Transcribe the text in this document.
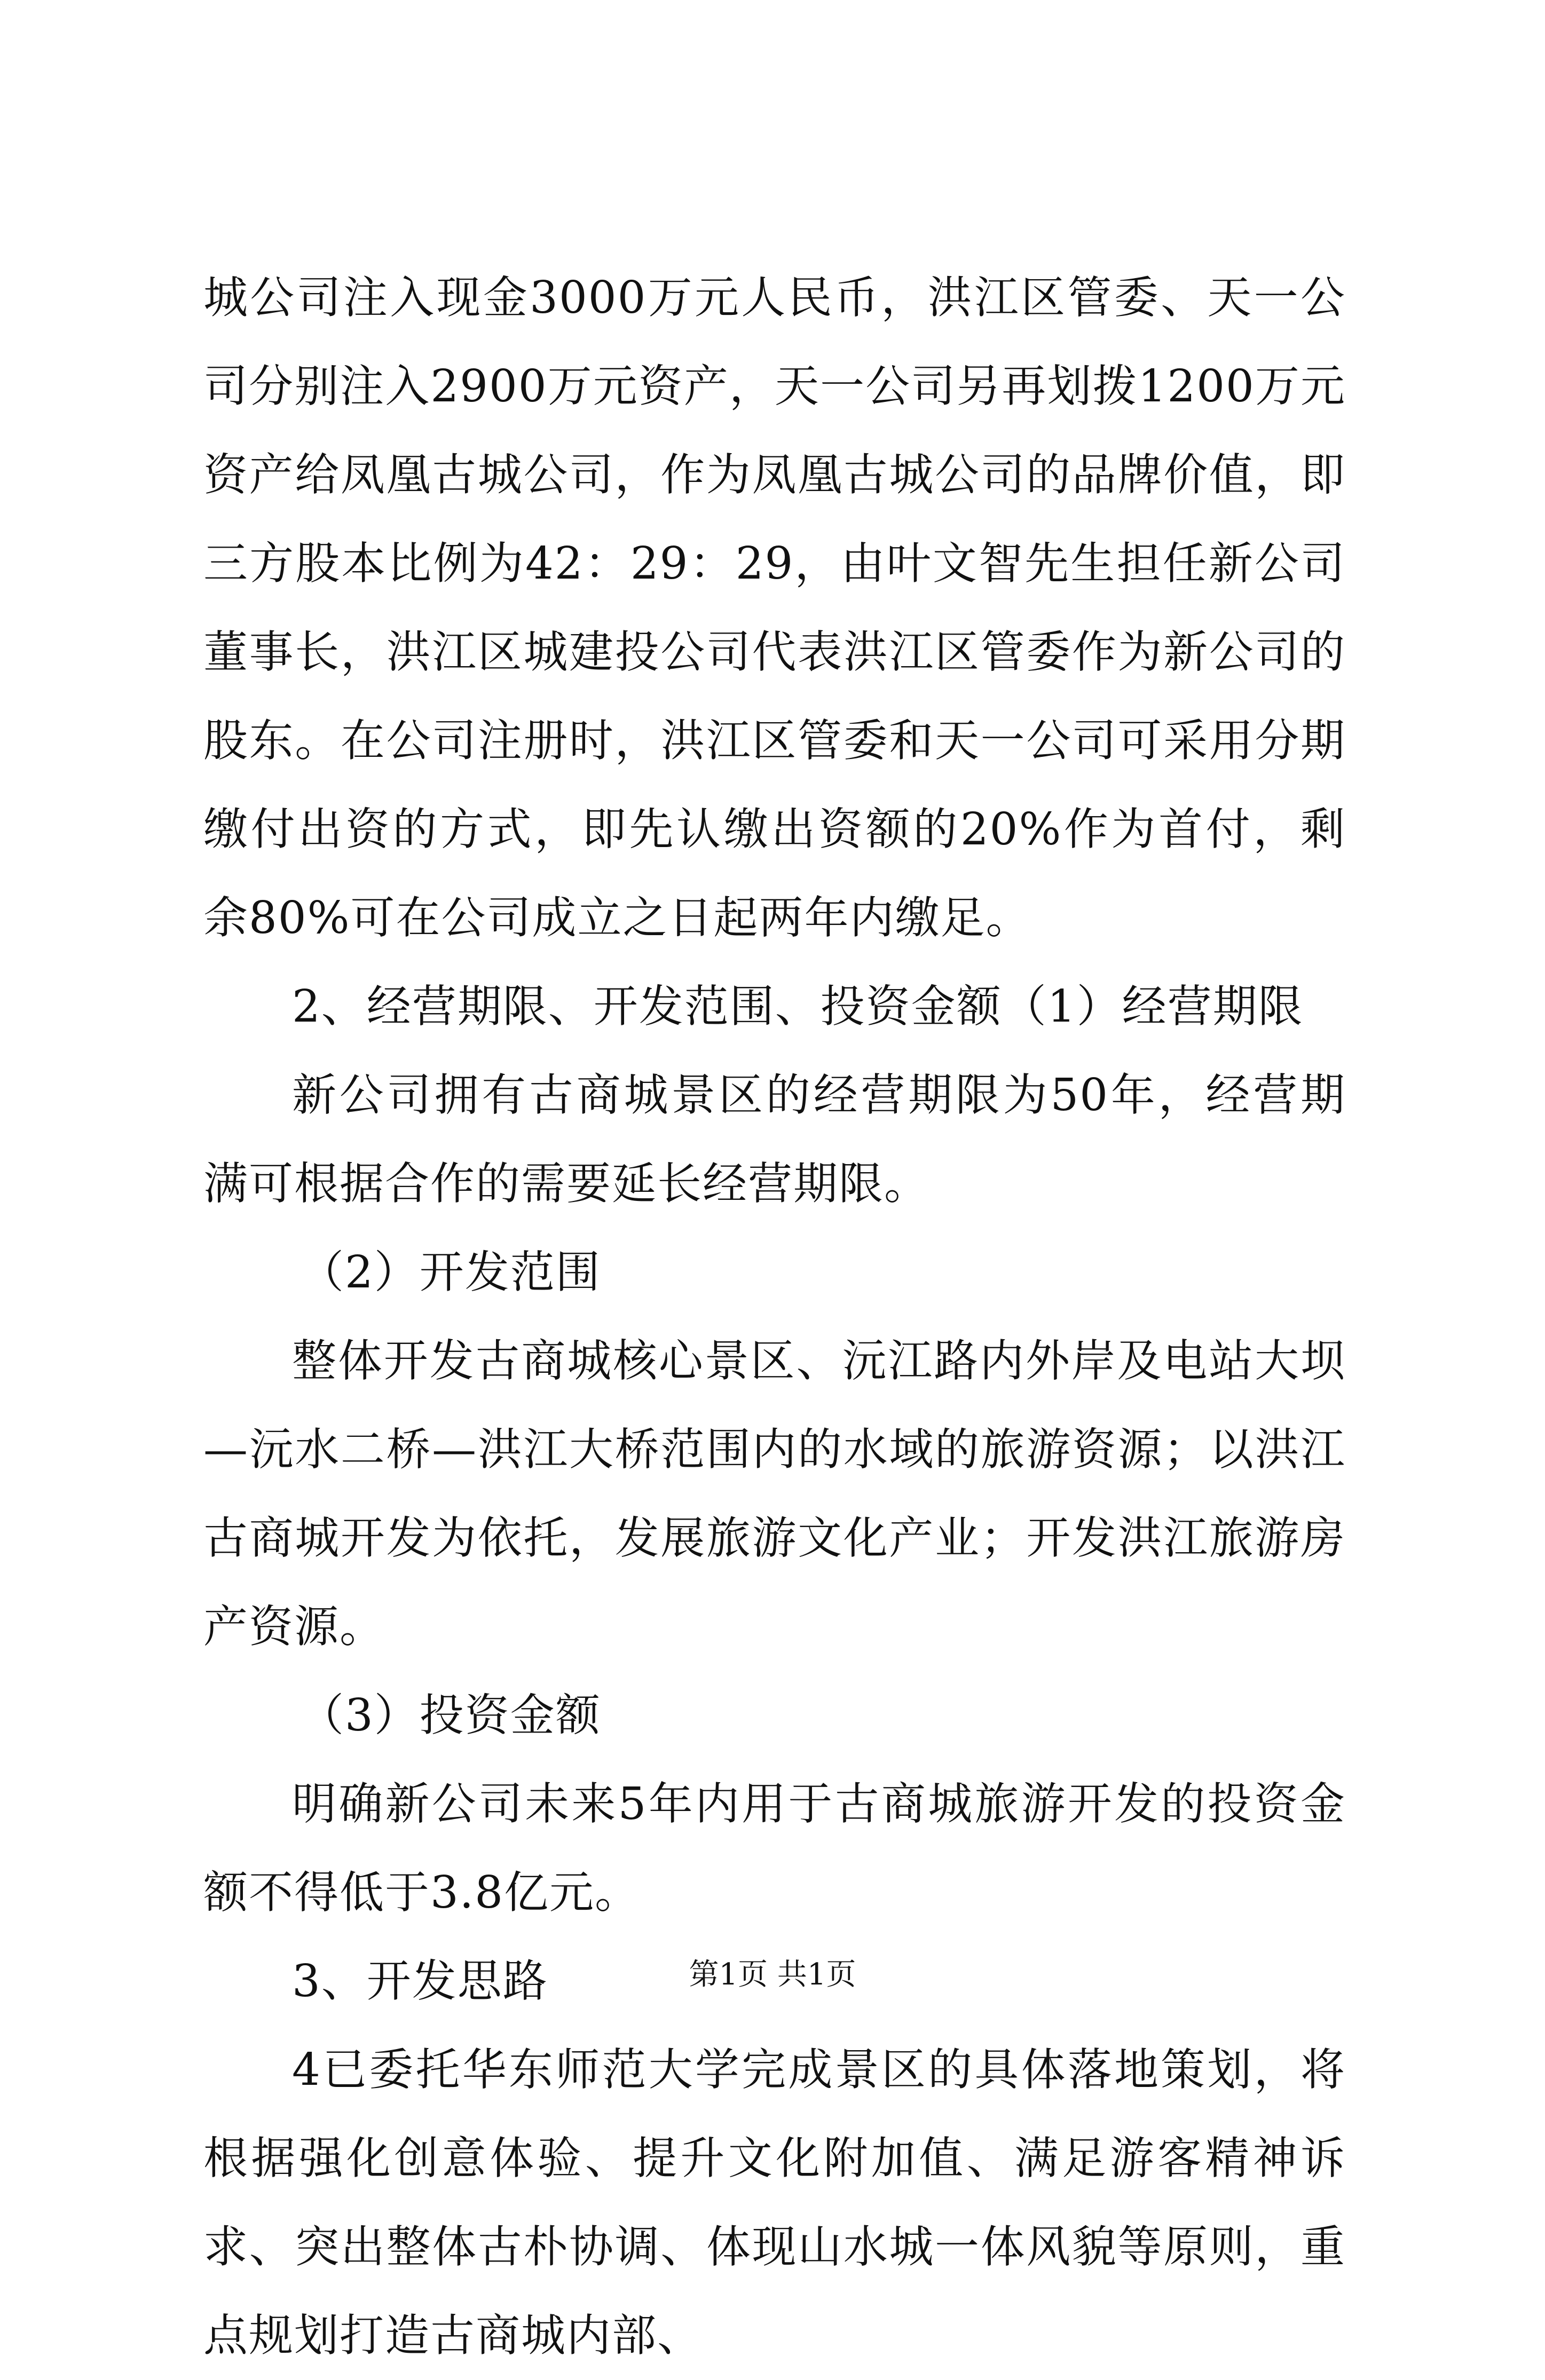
城公司注入现金3000万元人民币，洪江区管委、天一公司分别注入2900万元资产，天一公司另再划拨1200万元资产给凤凰古城公司，作为凤凰古城公司的品牌价值，即三方股本比例为42：29：29，由叶文智先生担任新公司董事长，洪江区城建投公司代表洪江区管委作为新公司的股东。在公司注册时，洪江区管委和天一公司可采用分期缴付出资的方式，即先认缴出资额的20%作为首付，剩余80%可在公司成立之日起两年内缴足。

2、经营期限、开发范围、投资金额（1）经营期限

新公司拥有古商城景区的经营期限为50年，经营期满可根据合作的需要延长经营期限。

（2）开发范围

整体开发古商城核心景区、沅江路内外岸及电站大坝—沅水二桥—洪江大桥范围内的水域的旅游资源；以洪江古商城开发为依托，发展旅游文化产业；开发洪江旅游房产资源。

（3）投资金额

明确新公司未来5年内用于古商城旅游开发的投资金额不得低于3.8亿元。

3、开发思路

4已委托华东师范大学完成景区的具体落地策划，将根据强化创意体验、提升文化附加值、满足游客精神诉求、突出整体古朴协调、体现山水城一体风貌等原则，重点规划打造古商城内部、

第1页 共1页
